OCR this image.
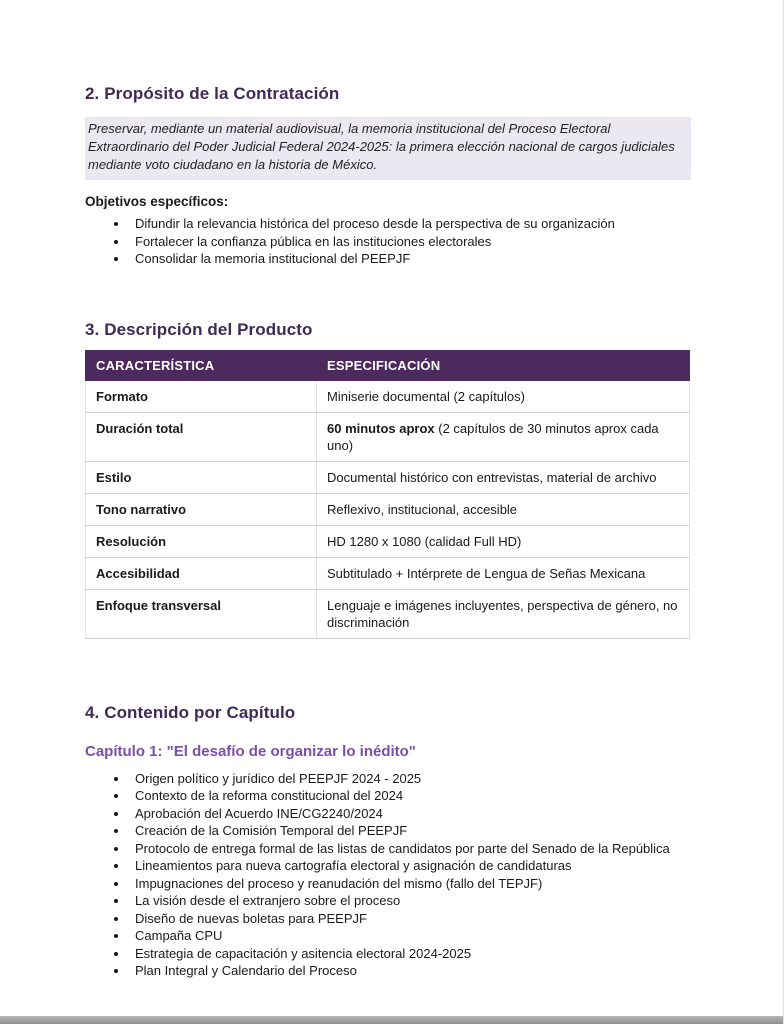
2. Propósito de la Contratación

Preservar, mediante un material audiovisual, la memoria institucional del Proceso Electoral Extraordinario del Poder Judicial Federal 2024-2025: la primera elección nacional de cargos judiciales mediante voto ciudadano en la historia de México.

Objetivos específicos:

• Difundir la relevancia histórica del proceso desde la perspectiva de su organización
• Fortalecer la confianza pública en las instituciones electorales
• Consolidar la memoria institucional del PEEPJF
3. Descripción del Producto
CARACTERÍSTICA	ESPECIFICACIÓN
Formato	Miniserie documental (2 capítulos)
Duración total	60 minutos aprox (2 capítulos de 30 minutos aprox cada uno)
Estilo	Documental histórico con entrevistas, material de archivo
Tono narrativo	Reflexivo, institucional, accesible
Resolución	HD 1280 x 1080 (calidad Full HD)
Accesibilidad	Subtitulado + Intérprete de Lengua de Señas Mexicana
Enfoque transversal	Lenguaje e imágenes incluyentes, perspectiva de género, no discriminación
4. Contenido por Capítulo
Capítulo 1: "El desafío de organizar lo inédito"
• Origen político y jurídico del PEEPJF 2024 - 2025
• Contexto de la reforma constitucional del 2024
• Aprobación del Acuerdo INE/CG2240/2024
• Creación de la Comisión Temporal del PEEPJF
• Protocolo de entrega formal de las listas de candidatos por parte del Senado de la República
• Lineamientos para nueva cartografía electoral y asignación de candidaturas
• Impugnaciones del proceso y reanudación del mismo (fallo del TEPJF)
• La visión desde el extranjero sobre el proceso
• Diseño de nuevas boletas para PEEPJF
• Campaña CPU
• Estrategia de capacitación y asitencia electoral 2024-2025
• Plan Integral y Calendario del Proceso
